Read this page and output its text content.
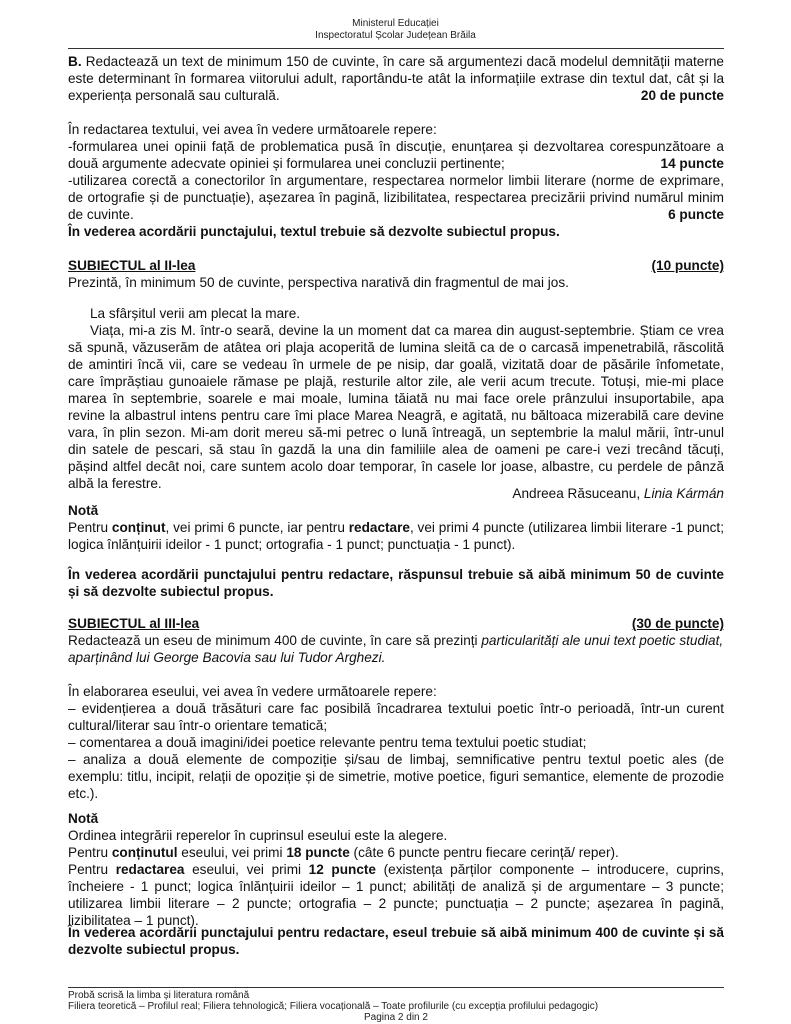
Ministerul Educației
Inspectoratul Școlar Județean Brăila
B. Redactează un text de minimum 150 de cuvinte, în care să argumentezi dacă modelul demnității materne este determinant în formarea viitorului adult, raportându-te atât la informațiile extrase din textul dat, cât și la experiența personală sau culturală.	20 de puncte
În redactarea textului, vei avea în vedere următoarele repere:
-formularea unei opinii față de problematica pusă în discuție, enunțarea și dezvoltarea corespunzătoare a două argumente adecvate opiniei și formularea unei concluzii pertinente;	14 puncte
-utilizarea corectă a conectorilor în argumentare, respectarea normelor limbii literare (norme de exprimare, de ortografie și de punctuație), așezarea în pagină, lizibilitatea, respectarea precizării privind numărul minim de cuvinte.	6 puncte
În vederea acordării punctajului, textul trebuie să dezvolte subiectul propus.
SUBIECTUL al II-lea	(10 puncte)
Prezintă, în minimum 50 de cuvinte, perspectiva narativă din fragmentul de mai jos.
La sfârșitul verii am plecat la mare.
Viața, mi-a zis M. într-o seară, devine la un moment dat ca marea din august-septembrie. Știam ce vrea să spună, văzuserăm de atâtea ori plaja acoperită de lumina sleită ca de o carcasă impenetrabilă, răscolită de amintiri încă vii, care se vedeau în urmele de pe nisip, dar goală, vizitată doar de păsările înfometate, care împrăștiau gunoaiele rămase pe plajă, resturile altor zile, ale verii acum trecute. Totuși, mie-mi place marea în septembrie, soarele e mai moale, lumina tăiată nu mai face orele prânzului insuportabile, apa revine la albastrul intens pentru care îmi place Marea Neagră, e agitată, nu băltoaca mizerabilă care devine vara, în plin sezon. Mi-am dorit mereu să-mi petrec o lună întreagă, un septembrie la malul mării, într-unul din satele de pescari, să stau în gazdă la una din familiile alea de oameni pe care-i vezi trecând tăcuți, pășind altfel decât noi, care suntem acolo doar temporar, în casele lor joase, albastre, cu perdele de pânză albă la ferestre.
Andreea Răsuceanu, Linia Kármán
Notă
Pentru conținut, vei primi 6 puncte, iar pentru redactare, vei primi 4 puncte (utilizarea limbii literare -1 punct; logica înlănțuirii ideilor - 1 punct; ortografia - 1 punct; punctuația - 1 punct).
În vederea acordării punctajului pentru redactare, răspunsul trebuie să aibă minimum 50 de cuvinte și să dezvolte subiectul propus.
SUBIECTUL al III-lea	(30 de puncte)
Redactează un eseu de minimum 400 de cuvinte, în care să prezinți particularități ale unui text poetic studiat, aparținând lui George Bacovia sau lui Tudor Arghezi.
În elaborarea eseului, vei avea în vedere următoarele repere:
– evidențierea a două trăsături care fac posibilă încadrarea textului poetic într-o perioadă, într-un curent cultural/literar sau într-o orientare tematică;
– comentarea a două imagini/idei poetice relevante pentru tema textului poetic studiat;
– analiza a două elemente de compoziție și/sau de limbaj, semnificative pentru textul poetic ales (de exemplu: titlu, incipit, relații de opoziție și de simetrie, motive poetice, figuri semantice, elemente de prozodie etc.).
Notă
Ordinea integrării reperelor în cuprinsul eseului este la alegere.
Pentru conținutul eseului, vei primi 18 puncte (câte 6 puncte pentru fiecare cerință/ reper).
Pentru redactarea eseului, vei primi 12 puncte (existența părților componente – introducere, cuprins, încheiere - 1 punct; logica înlănțuirii ideilor – 1 punct; abilități de analiză și de argumentare – 3 puncte; utilizarea limbii literare – 2 puncte; ortografia – 2 puncte; punctuația – 2 puncte; așezarea în pagină, lizibilitatea – 1 punct).
În vederea acordării punctajului pentru redactare, eseul trebuie să aibă minimum 400 de cuvinte și să dezvolte subiectul propus.
Probă scrisă la limba și literatura română
Filiera teoretică – Profilul real; Filiera tehnologică; Filiera vocațională – Toate profilurile (cu excepția profilului pedagogic)
Pagina 2 din 2
